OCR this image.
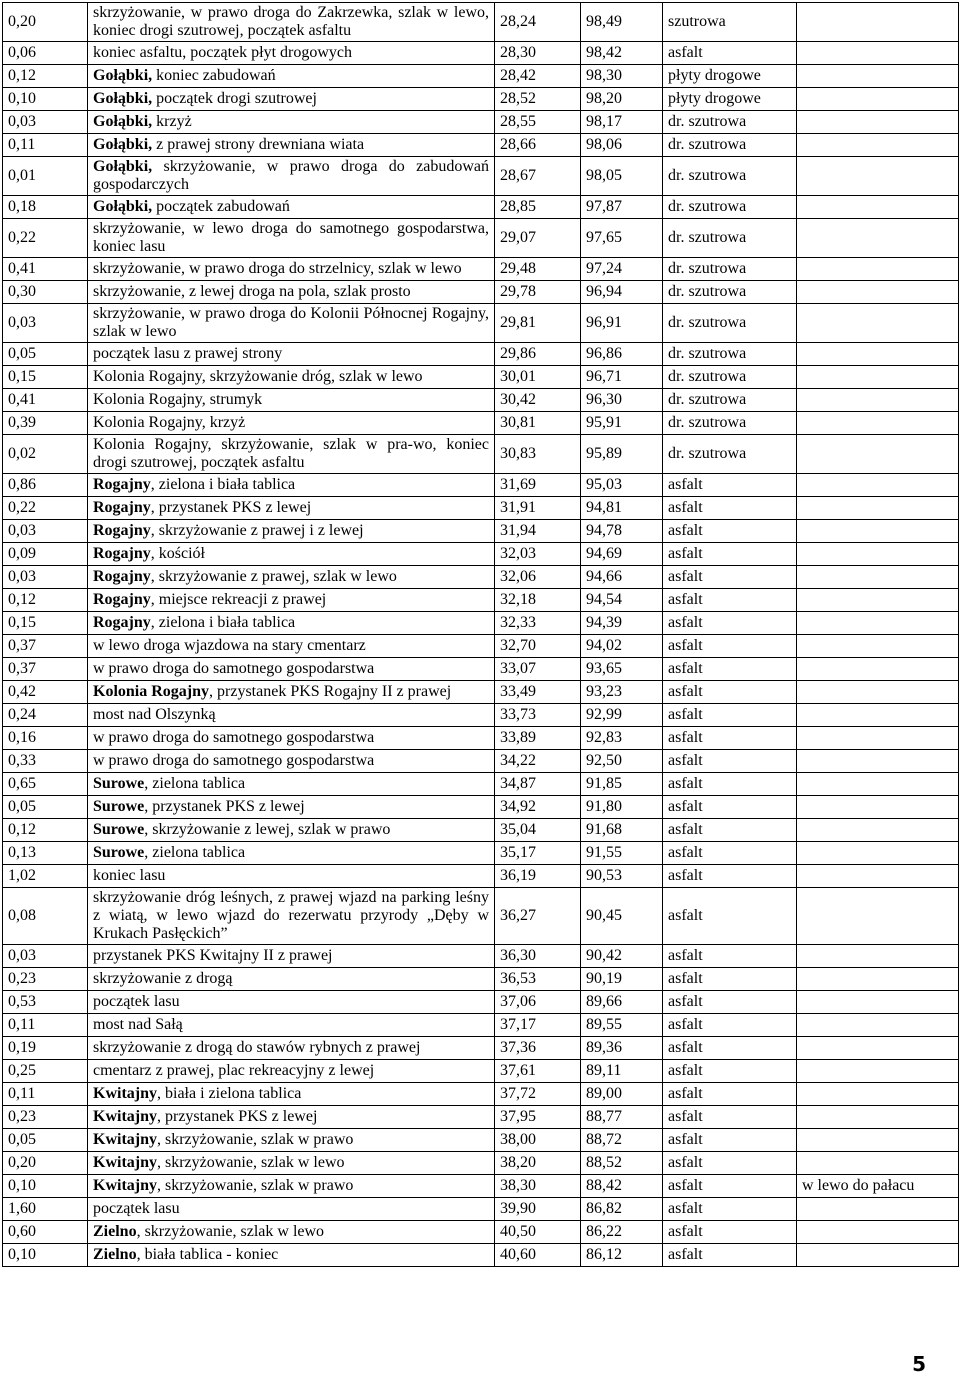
0,20	skrzyżowanie, w prawo droga do Zakrzewka, szlak w lewo, koniec drogi szutrowej, początek asfaltu	28,24	98,49	szutrowa	
0,06	koniec asfaltu, początek płyt drogowych	28,30	98,42	asfalt	
0,12	Gołąbki, koniec zabudowań	28,42	98,30	płyty drogowe	
0,10	Gołąbki, początek drogi szutrowej	28,52	98,20	płyty drogowe	
0,03	Gołąbki, krzyż	28,55	98,17	dr. szutrowa	
0,11	Gołąbki, z prawej strony drewniana wiata	28,66	98,06	dr. szutrowa	
0,01	Gołąbki, skrzyżowanie, w prawo droga do zabudowań gospodarczych	28,67	98,05	dr. szutrowa	
0,18	Gołąbki, początek zabudowań	28,85	97,87	dr. szutrowa	
0,22	skrzyżowanie, w lewo droga do samotnego gospodarstwa, koniec lasu	29,07	97,65	dr. szutrowa	
0,41	skrzyżowanie, w prawo droga do strzelnicy, szlak w lewo	29,48	97,24	dr. szutrowa	
0,30	skrzyżowanie, z lewej droga na pola, szlak prosto	29,78	96,94	dr. szutrowa	
0,03	skrzyżowanie, w prawo droga do Kolonii Północnej Rogajny, szlak w lewo	29,81	96,91	dr. szutrowa	
0,05	początek lasu z prawej strony	29,86	96,86	dr. szutrowa	
0,15	Kolonia Rogajny, skrzyżowanie dróg, szlak w lewo	30,01	96,71	dr. szutrowa	
0,41	Kolonia Rogajny, strumyk	30,42	96,30	dr. szutrowa	
0,39	Kolonia Rogajny, krzyż	30,81	95,91	dr. szutrowa	
0,02	Kolonia Rogajny, skrzyżowanie, szlak w pra-wo, koniec drogi szutrowej, początek asfaltu	30,83	95,89	dr. szutrowa	
0,86	Rogajny, zielona i biała tablica	31,69	95,03	asfalt	
0,22	Rogajny, przystanek PKS z lewej	31,91	94,81	asfalt	
0,03	Rogajny, skrzyżowanie z prawej i z lewej	31,94	94,78	asfalt	
0,09	Rogajny, kościół	32,03	94,69	asfalt	
0,03	Rogajny, skrzyżowanie z prawej, szlak w lewo	32,06	94,66	asfalt	
0,12	Rogajny, miejsce rekreacji z prawej	32,18	94,54	asfalt	
0,15	Rogajny, zielona i biała tablica	32,33	94,39	asfalt	
0,37	w lewo droga wjazdowa na stary cmentarz	32,70	94,02	asfalt	
0,37	w prawo droga do samotnego gospodarstwa	33,07	93,65	asfalt	
0,42	Kolonia Rogajny, przystanek PKS Rogajny II z prawej	33,49	93,23	asfalt	
0,24	most nad Olszynką	33,73	92,99	asfalt	
0,16	w prawo droga do samotnego gospodarstwa	33,89	92,83	asfalt	
0,33	w prawo droga do samotnego gospodarstwa	34,22	92,50	asfalt	
0,65	Surowe, zielona tablica	34,87	91,85	asfalt	
0,05	Surowe, przystanek PKS z lewej	34,92	91,80	asfalt	
0,12	Surowe, skrzyżowanie z lewej, szlak w prawo	35,04	91,68	asfalt	
0,13	Surowe, zielona tablica	35,17	91,55	asfalt	
1,02	koniec lasu	36,19	90,53	asfalt	
0,08	skrzyżowanie dróg leśnych, z prawej wjazd na parking leśny z wiatą, w lewo wjazd do rezerwatu przyrody „Dęby w Krukach Pasłęckich”	36,27	90,45	asfalt	
0,03	przystanek PKS Kwitajny II z prawej	36,30	90,42	asfalt	
0,23	skrzyżowanie z drogą	36,53	90,19	asfalt	
0,53	początek lasu	37,06	89,66	asfalt	
0,11	most nad Sałą	37,17	89,55	asfalt	
0,19	skrzyżowanie z drogą do stawów rybnych z prawej	37,36	89,36	asfalt	
0,25	cmentarz z prawej, plac rekreacyjny z lewej	37,61	89,11	asfalt	
0,11	Kwitajny, biała i zielona tablica	37,72	89,00	asfalt	
0,23	Kwitajny, przystanek PKS z lewej	37,95	88,77	asfalt	
0,05	Kwitajny, skrzyżowanie, szlak w prawo	38,00	88,72	asfalt	
0,20	Kwitajny, skrzyżowanie, szlak w lewo	38,20	88,52	asfalt	
0,10	Kwitajny, skrzyżowanie, szlak w prawo	38,30	88,42	asfalt	w lewo do pałacu
1,60	początek lasu	39,90	86,82	asfalt	
0,60	Zielno, skrzyżowanie, szlak w lewo	40,50	86,22	asfalt	
0,10	Zielno, biała tablica - koniec	40,60	86,12	asfalt	
5
